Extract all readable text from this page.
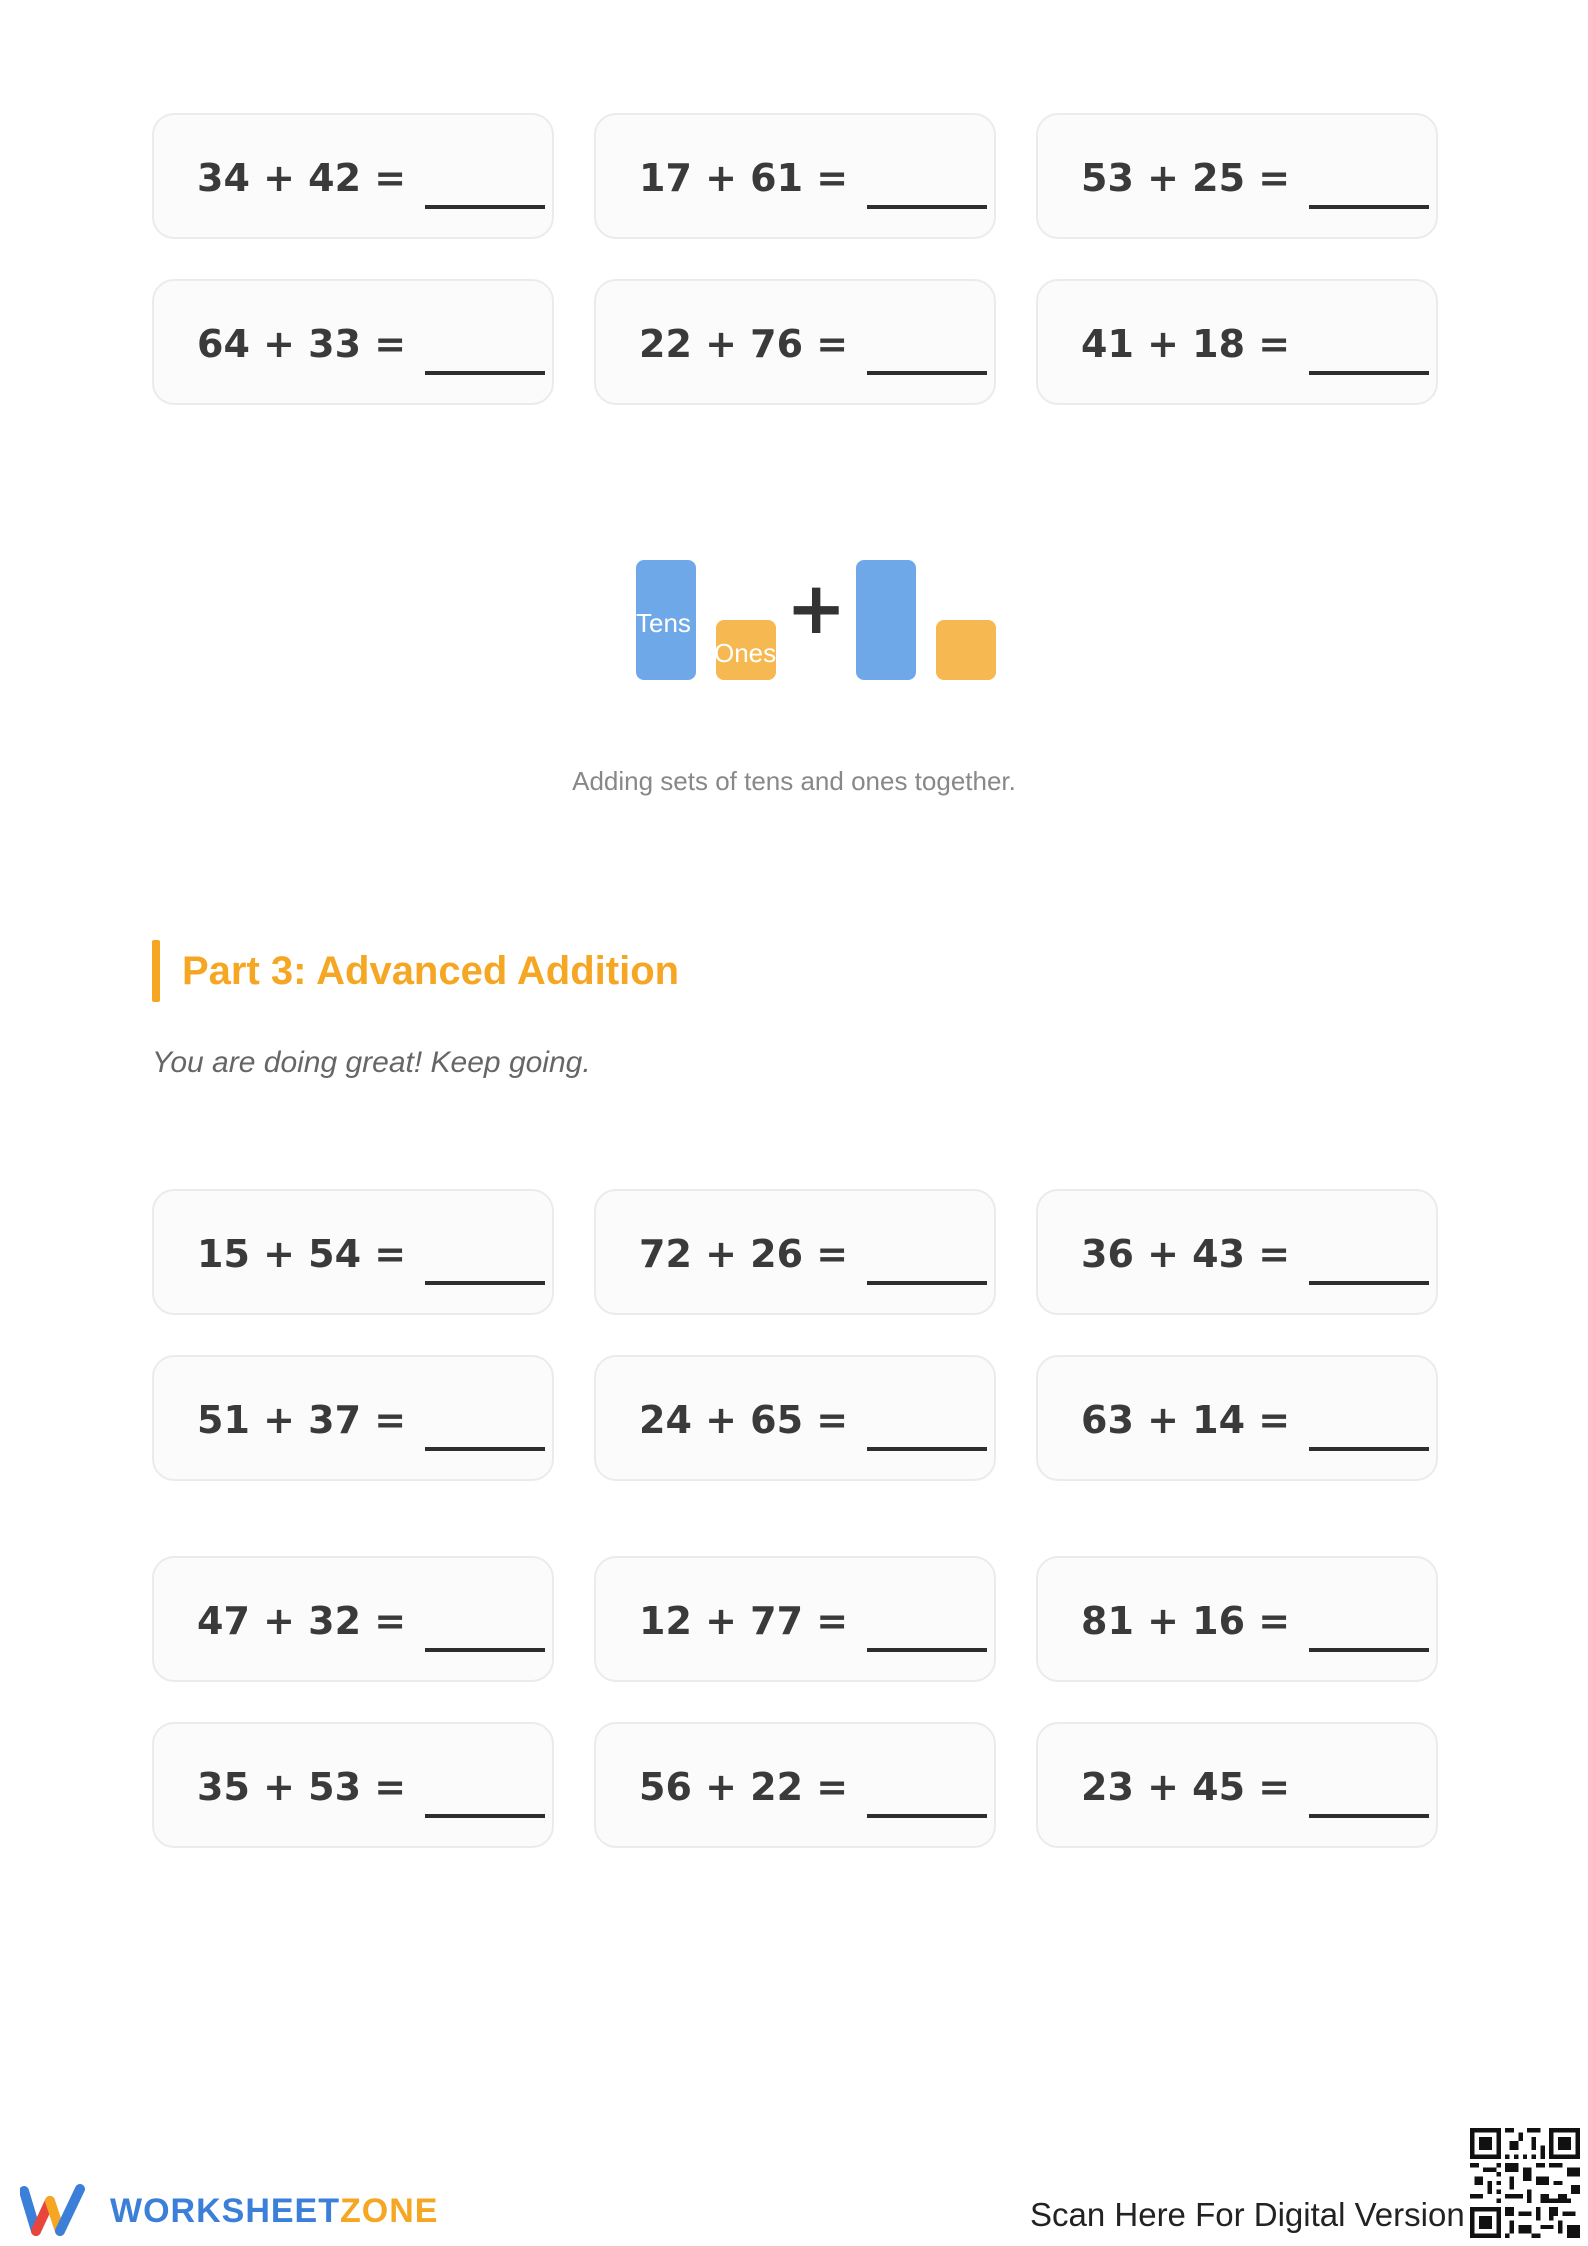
34 + 42 =	17 + 61 =	53 + 25 =
64 + 33 =	22 + 76 =	41 + 18 =
Tens
Ones
+
Adding sets of tens and ones together.
Part 3: Advanced Addition
You are doing great! Keep going.
15 + 54 =	72 + 26 =	36 + 43 =
51 + 37 =	24 + 65 =	63 + 14 =
47 + 32 =	12 + 77 =	81 + 16 =
35 + 53 =	56 + 22 =	23 + 45 =
WORKSHEETZONE	Scan Here For Digital Version
